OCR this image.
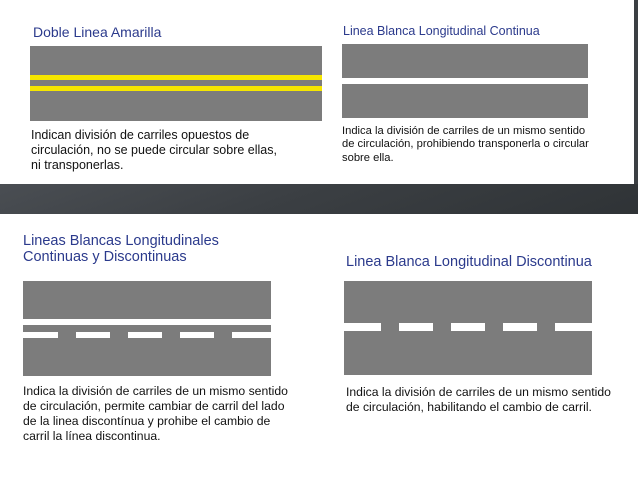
Doble Linea Amarilla
Indican división de carriles opuestos de
circulación, no se puede circular sobre ellas,
ni transponerlas.
Linea Blanca Longitudinal Continua
Indica la división de carriles de un mismo sentido
de circulación, prohibiendo transponerla o circular
sobre ella.
Lineas Blancas Longitudinales
Continuas y Discontinuas
Indica la división de carriles de un mismo sentido
de circulación, permite cambiar de carril del lado
de la linea discontínua y prohibe el cambio de
carril la línea discontinua.
Linea Blanca Longitudinal Discontinua
Indica la división de carriles de un mismo sentido
de circulación, habilitando el cambio de carril.
